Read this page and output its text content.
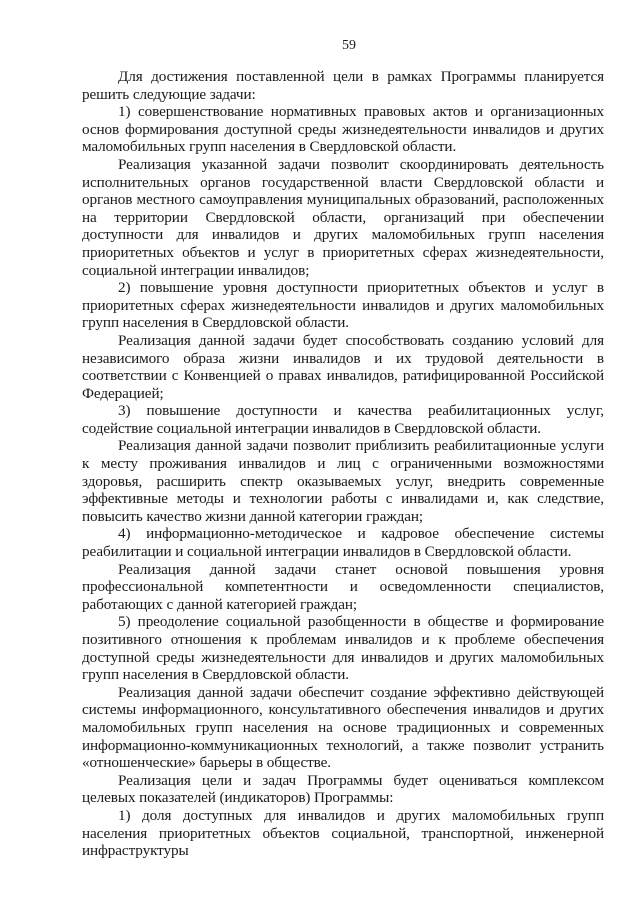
59

Для достижения поставленной цели в рамках Программы планируется решить следующие задачи:

1) совершенствование нормативных правовых актов и организационных основ формирования доступной среды жизнедеятельности инвалидов и других маломобильных групп населения в Свердловской области.

Реализация указанной задачи позволит скоординировать деятельность исполнительных органов государственной власти Свердловской области и органов местного самоуправления муниципальных образований, расположенных на территории Свердловской области, организаций при обеспечении доступности для инвалидов и других маломобильных групп населения приоритетных объектов и услуг в приоритетных сферах жизнедеятельности, социальной интеграции инвалидов;

2) повышение уровня доступности приоритетных объектов и услуг в приоритетных сферах жизнедеятельности инвалидов и других маломобильных групп населения в Свердловской области.

Реализация данной задачи будет способствовать созданию условий для независимого образа жизни инвалидов и их трудовой деятельности в соответствии с Конвенцией о правах инвалидов, ратифицированной Российской Федерацией;

3) повышение доступности и качества реабилитационных услуг, содействие социальной интеграции инвалидов в Свердловской области.

Реализация данной задачи позволит приблизить реабилитационные услуги к месту проживания инвалидов и лиц с ограниченными возможностями здоровья, расширить спектр оказываемых услуг, внедрить современные эффективные методы и технологии работы с инвалидами и, как следствие, повысить качество жизни данной категории граждан;

4) информационно-методическое и кадровое обеспечение системы реабилитации и социальной интеграции инвалидов в Свердловской области.

Реализация данной задачи станет основой повышения уровня профессиональной компетентности и осведомленности специалистов, работающих с данной категорией граждан;

5) преодоление социальной разобщенности в обществе и формирование позитивного отношения к проблемам инвалидов и к проблеме обеспечения доступной среды жизнедеятельности для инвалидов и других маломобильных групп населения в Свердловской области.

Реализация данной задачи обеспечит создание эффективно действующей системы информационного, консультативного обеспечения инвалидов и других маломобильных групп населения на основе традиционных и современных информационно-коммуникационных технологий, а также позволит устранить «отношенческие» барьеры в обществе.

Реализация цели и задач Программы будет оцениваться комплексом целевых показателей (индикаторов) Программы:

1) доля доступных для инвалидов и других маломобильных групп населения приоритетных объектов социальной, транспортной, инженерной инфраструктуры
